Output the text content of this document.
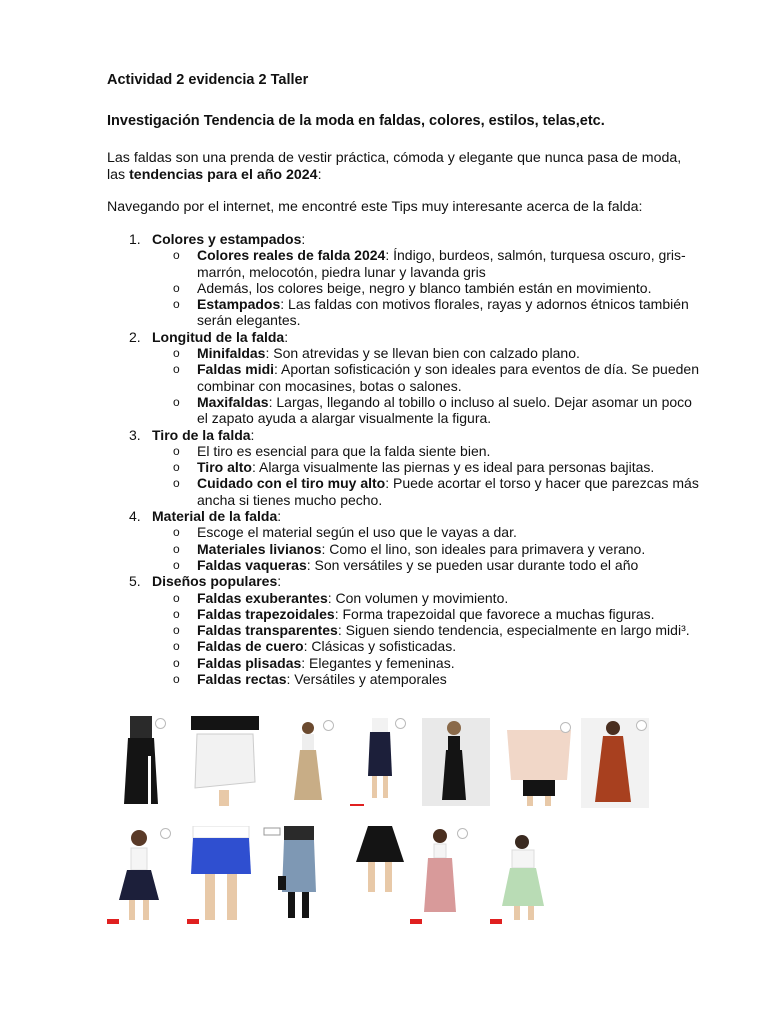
Actividad 2 evidencia 2 Taller
Investigación Tendencia de la moda en faldas, colores, estilos, telas,etc.
Las faldas son una prenda de vestir práctica, cómoda y elegante que nunca pasa de moda,
las tendencias para el año 2024:
Navegando por el internet, me encontré este Tips muy interesante acerca de la falda:
1. Colores y estampados:
o Colores reales de falda 2024: Índigo, burdeos, salmón, turquesa oscuro, gris-
marrón, melocotón, piedra lunar y lavanda gris
o Además, los colores beige, negro y blanco también están en movimiento.
o Estampados: Las faldas con motivos florales, rayas y adornos étnicos también
serán elegantes.
2. Longitud de la falda:
o Minifaldas: Son atrevidas y se llevan bien con calzado plano.
o Faldas midi: Aportan sofisticación y son ideales para eventos de día. Se pueden
combinar con mocasines, botas o salones.
o Maxifaldas: Largas, llegando al tobillo o incluso al suelo. Dejar asomar un poco
el zapato ayuda a alargar visualmente la figura.
3. Tiro de la falda:
o El tiro es esencial para que la falda siente bien.
o Tiro alto: Alarga visualmente las piernas y es ideal para personas bajitas.
o Cuidado con el tiro muy alto: Puede acortar el torso y hacer que parezcas más
ancha si tienes mucho pecho.
4. Material de la falda:
o Escoge el material según el uso que le vayas a dar.
o Materiales livianos: Como el lino, son ideales para primavera y verano.
o Faldas vaqueras: Son versátiles y se pueden usar durante todo el año
5. Diseños populares:
o Faldas exuberantes: Con volumen y movimiento.
o Faldas trapezoidales: Forma trapezoidal que favorece a muchas figuras.
o Faldas transparentes: Siguen siendo tendencia, especialmente en largo midi³.
o Faldas de cuero: Clásicas y sofisticadas.
o Faldas plisadas: Elegantes y femeninas.
o Faldas rectas: Versátiles y atemporales
